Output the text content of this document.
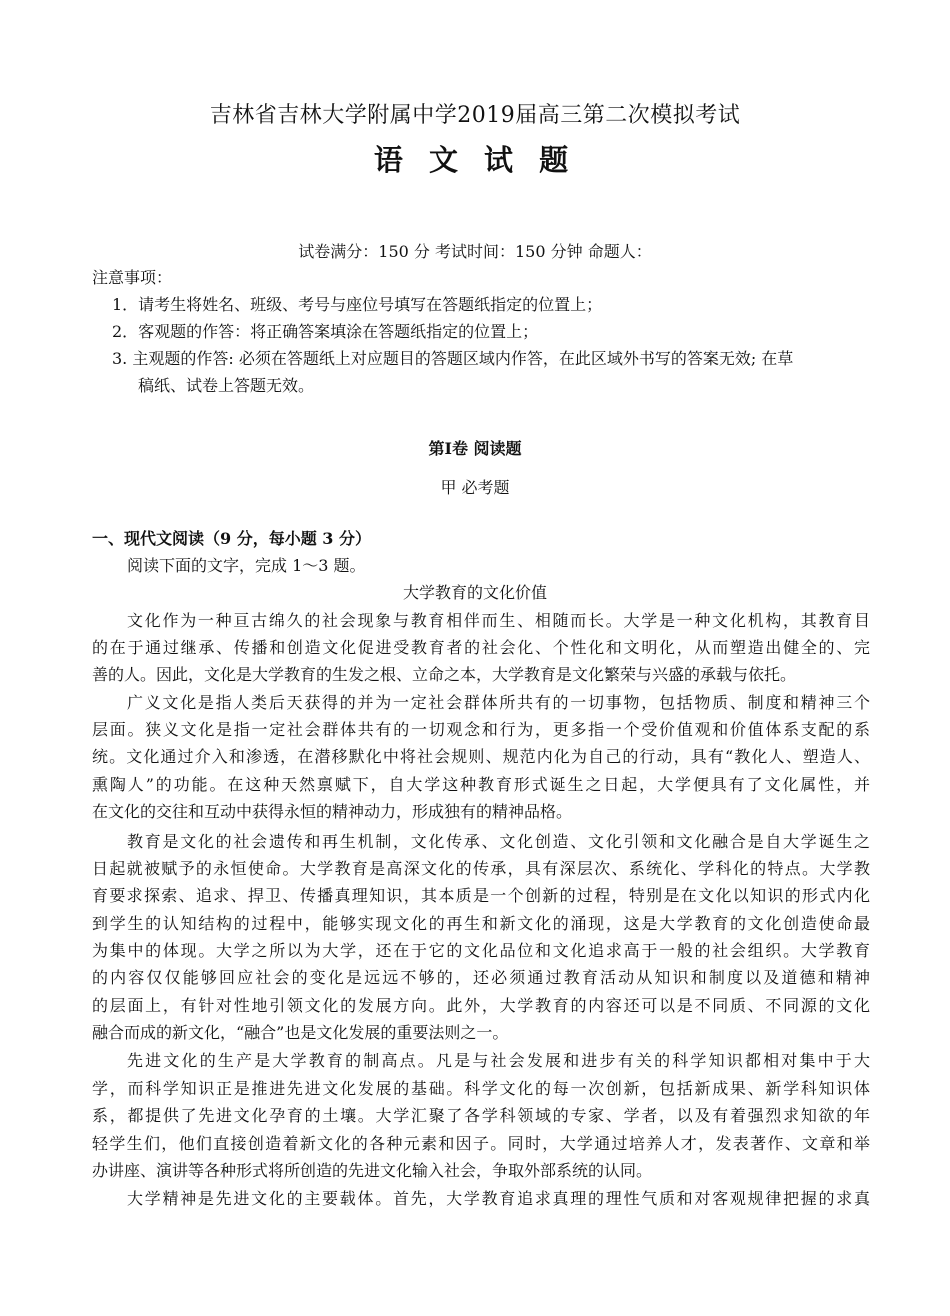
吉林省吉林大学附属中学2019届高三第二次模拟考试
语 文 试 题
试卷满分：150 分 考试时间：150 分钟 命题人：
注意事项：
1．请考生将姓名、班级、考号与座位号填写在答题纸指定的位置上；
2．客观题的作答：将正确答案填涂在答题纸指定的位置上；
3. 主观题的作答: 必须在答题纸上对应题目的答题区域内作答，在此区域外书写的答案无效; 在草
稿纸、试卷上答题无效。
第Ⅰ卷 阅读题
甲 必考题
一、现代文阅读（9 分，每小题 3 分）
阅读下面的文字，完成 1～3 题。
大学教育的文化价值
文化作为一种亘古绵久的社会现象与教育相伴而生、相随而长。大学是一种文化机构，其教育目
的在于通过继承、传播和创造文化促进受教育者的社会化、个性化和文明化，从而塑造出健全的、完
善的人。因此，文化是大学教育的生发之根、立命之本，大学教育是文化繁荣与兴盛的承载与依托。
广义文化是指人类后天获得的并为一定社会群体所共有的一切事物，包括物质、制度和精神三个
层面。狭义文化是指一定社会群体共有的一切观念和行为，更多指一个受价值观和价值体系支配的系
统。文化通过介入和渗透，在潜移默化中将社会规则、规范内化为自己的行动，具有“教化人、塑造人、
熏陶人”的功能。在这种天然禀赋下，自大学这种教育形式诞生之日起，大学便具有了文化属性，并
在文化的交往和互动中获得永恒的精神动力，形成独有的精神品格。
教育是文化的社会遗传和再生机制，文化传承、文化创造、文化引领和文化融合是自大学诞生之
日起就被赋予的永恒使命。大学教育是高深文化的传承，具有深层次、系统化、学科化的特点。大学教
育要求探索、追求、捍卫、传播真理知识，其本质是一个创新的过程，特别是在文化以知识的形式内化
到学生的认知结构的过程中，能够实现文化的再生和新文化的涌现，这是大学教育的文化创造使命最
为集中的体现。大学之所以为大学，还在于它的文化品位和文化追求高于一般的社会组织。大学教育
的内容仅仅能够回应社会的变化是远远不够的，还必须通过教育活动从知识和制度以及道德和精神
的层面上，有针对性地引领文化的发展方向。此外，大学教育的内容还可以是不同质、不同源的文化
融合而成的新文化，“融合”也是文化发展的重要法则之一。
先进文化的生产是大学教育的制高点。凡是与社会发展和进步有关的科学知识都相对集中于大
学，而科学知识正是推进先进文化发展的基础。科学文化的每一次创新，包括新成果、新学科知识体
系，都提供了先进文化孕育的土壤。大学汇聚了各学科领域的专家、学者，以及有着强烈求知欲的年
轻学生们，他们直接创造着新文化的各种元素和因子。同时，大学通过培养人才，发表著作、文章和举
办讲座、演讲等各种形式将所创造的先进文化输入社会，争取外部系统的认同。
大学精神是先进文化的主要载体。首先，大学教育追求真理的理性气质和对客观规律把握的求真
